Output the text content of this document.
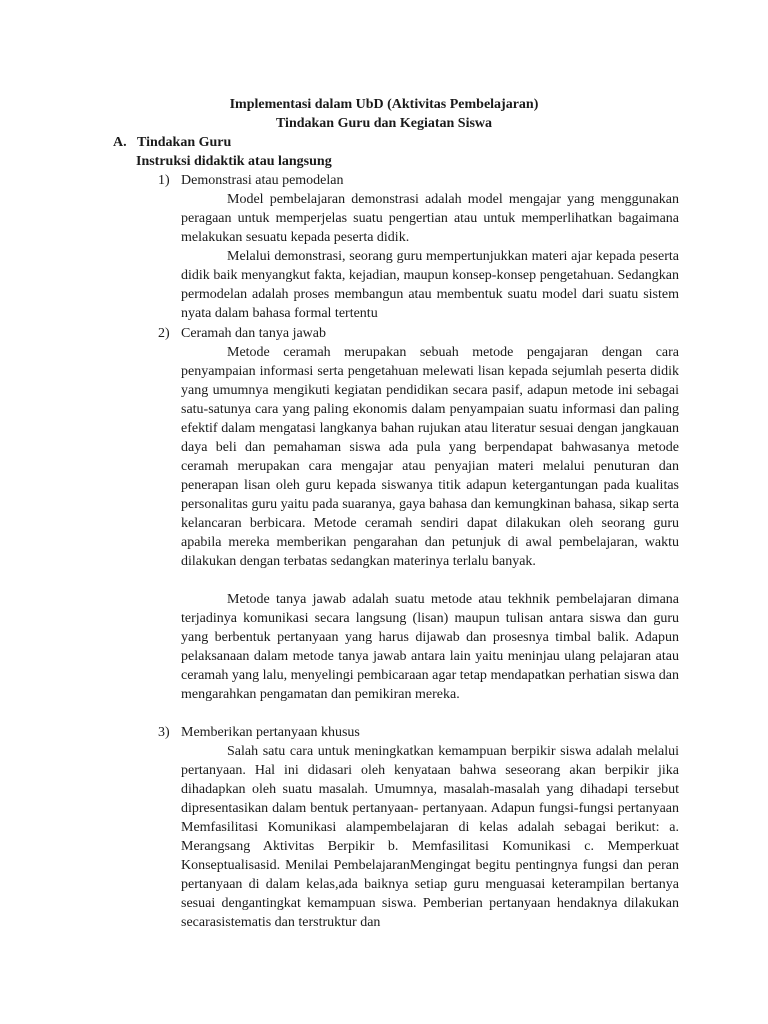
Implementasi dalam UbD (Aktivitas Pembelajaran)
Tindakan Guru dan Kegiatan Siswa
A. Tindakan Guru
Instruksi didaktik atau langsung
1) Demonstrasi atau pemodelan

Model pembelajaran demonstrasi adalah model mengajar yang menggunakan peragaan untuk memperjelas suatu pengertian atau untuk memperlihatkan bagaimana melakukan sesuatu kepada peserta didik.

Melalui demonstrasi, seorang guru mempertunjukkan materi ajar kepada peserta didik baik menyangkut fakta, kejadian, maupun konsep-konsep pengetahuan. Sedangkan permodelan adalah proses membangun atau membentuk suatu model dari suatu sistem nyata dalam bahasa formal tertentu

2) Ceramah dan tanya jawab

Metode ceramah merupakan sebuah metode pengajaran dengan cara penyampaian informasi serta pengetahuan melewati lisan kepada sejumlah peserta didik yang umumnya mengikuti kegiatan pendidikan secara pasif, adapun metode ini sebagai satu-satunya cara yang paling ekonomis dalam penyampaian suatu informasi dan paling efektif dalam mengatasi langkanya bahan rujukan atau literatur sesuai dengan jangkauan daya beli dan pemahaman siswa ada pula yang berpendapat bahwasanya metode ceramah merupakan cara mengajar atau penyajian materi melalui penuturan dan penerapan lisan oleh guru kepada siswanya titik adapun ketergantungan pada kualitas personalitas guru yaitu pada suaranya, gaya bahasa dan kemungkinan bahasa, sikap serta kelancaran berbicara. Metode ceramah sendiri dapat dilakukan oleh seorang guru apabila mereka memberikan pengarahan dan petunjuk di awal pembelajaran, waktu dilakukan dengan terbatas sedangkan materinya terlalu banyak.

Metode tanya jawab adalah suatu metode atau tekhnik pembelajaran dimana terjadinya komunikasi secara langsung (lisan) maupun tulisan antara siswa dan guru yang berbentuk pertanyaan yang harus dijawab dan prosesnya timbal balik. Adapun pelaksanaan dalam metode tanya jawab antara lain yaitu meninjau ulang pelajaran atau ceramah yang lalu, menyelingi pembicaraan agar tetap mendapatkan perhatian siswa dan mengarahkan pengamatan dan pemikiran mereka.

3) Memberikan pertanyaan khusus

Salah satu cara untuk meningkatkan kemampuan berpikir siswa adalah melalui pertanyaan. Hal ini didasari oleh kenyataan bahwa seseorang akan berpikir jika dihadapkan oleh suatu masalah. Umumnya, masalah-masalah yang dihadapi tersebut dipresentasikan dalam bentuk pertanyaan- pertanyaan. Adapun fungsi-fungsi pertanyaan Memfasilitasi Komunikasi alampembelajaran di kelas adalah sebagai berikut: a. Merangsang Aktivitas Berpikir b. Memfasilitasi Komunikasi c. Memperkuat Konseptualisasid. Menilai PembelajaranMengingat begitu pentingnya fungsi dan peran pertanyaan di dalam kelas,ada baiknya setiap guru menguasai keterampilan bertanya sesuai dengantingkat kemampuan siswa. Pemberian pertanyaan hendaknya dilakukan secarasistematis dan terstruktur dan
